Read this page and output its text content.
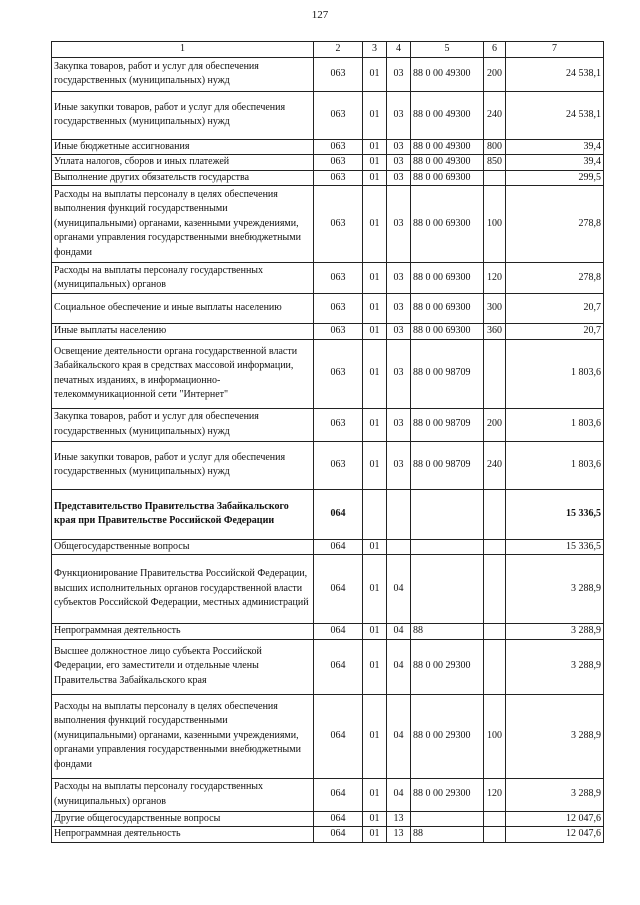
127
1	2	3	4	5	6	7
Закупка товаров, работ и услуг для обеспечения государственных (муниципальных) нужд	063	01	03	88 0 00 49300	200	24 538,1
Иные закупки товаров, работ и услуг для обеспечения государственных (муниципальных) нужд	063	01	03	88 0 00 49300	240	24 538,1
Иные бюджетные ассигнования	063	01	03	88 0 00 49300	800	39,4
Уплата налогов, сборов и иных платежей	063	01	03	88 0 00 49300	850	39,4
Выполнение других обязательств государства	063	01	03	88 0 00 69300		299,5
Расходы на выплаты персоналу в целях обеспечения выполнения функций государственными (муниципальными) органами, казенными учреждениями, органами управления государственными внебюджетными фондами	063	01	03	88 0 00 69300	100	278,8
Расходы на выплаты персоналу государственных (муниципальных) органов	063	01	03	88 0 00 69300	120	278,8
Социальное обеспечение и иные выплаты населению	063	01	03	88 0 00 69300	300	20,7
Иные выплаты населению	063	01	03	88 0 00 69300	360	20,7
Освещение деятельности органа государственной власти Забайкальского края в средствах массовой информации, печатных изданиях, в информационно-телекоммуникационной сети "Интернет"	063	01	03	88 0 00 98709		1 803,6
Закупка товаров, работ и услуг для обеспечения государственных (муниципальных) нужд	063	01	03	88 0 00 98709	200	1 803,6
Иные закупки товаров, работ и услуг для обеспечения государственных (муниципальных) нужд	063	01	03	88 0 00 98709	240	1 803,6
Представительство Правительства Забайкальского края при Правительстве Российской Федерации	064					15 336,5
Общегосударственные вопросы	064	01				15 336,5
Функционирование Правительства Российской Федерации, высших исполнительных органов государственной власти субъектов Российской Федерации, местных администраций	064	01	04			3 288,9
Непрограммная деятельность	064	01	04	88		3 288,9
Высшее должностное лицо субъекта Российской Федерации, его заместители и отдельные члены Правительства Забайкальского края	064	01	04	88 0 00 29300		3 288,9
Расходы на выплаты персоналу в целях обеспечения выполнения функций государственными (муниципальными) органами, казенными учреждениями, органами управления государственными внебюджетными фондами	064	01	04	88 0 00 29300	100	3 288,9
Расходы на выплаты персоналу государственных (муниципальных) органов	064	01	04	88 0 00 29300	120	3 288,9
Другие общегосударственные вопросы	064	01	13			12 047,6
Непрограммная деятельность	064	01	13	88		12 047,6
